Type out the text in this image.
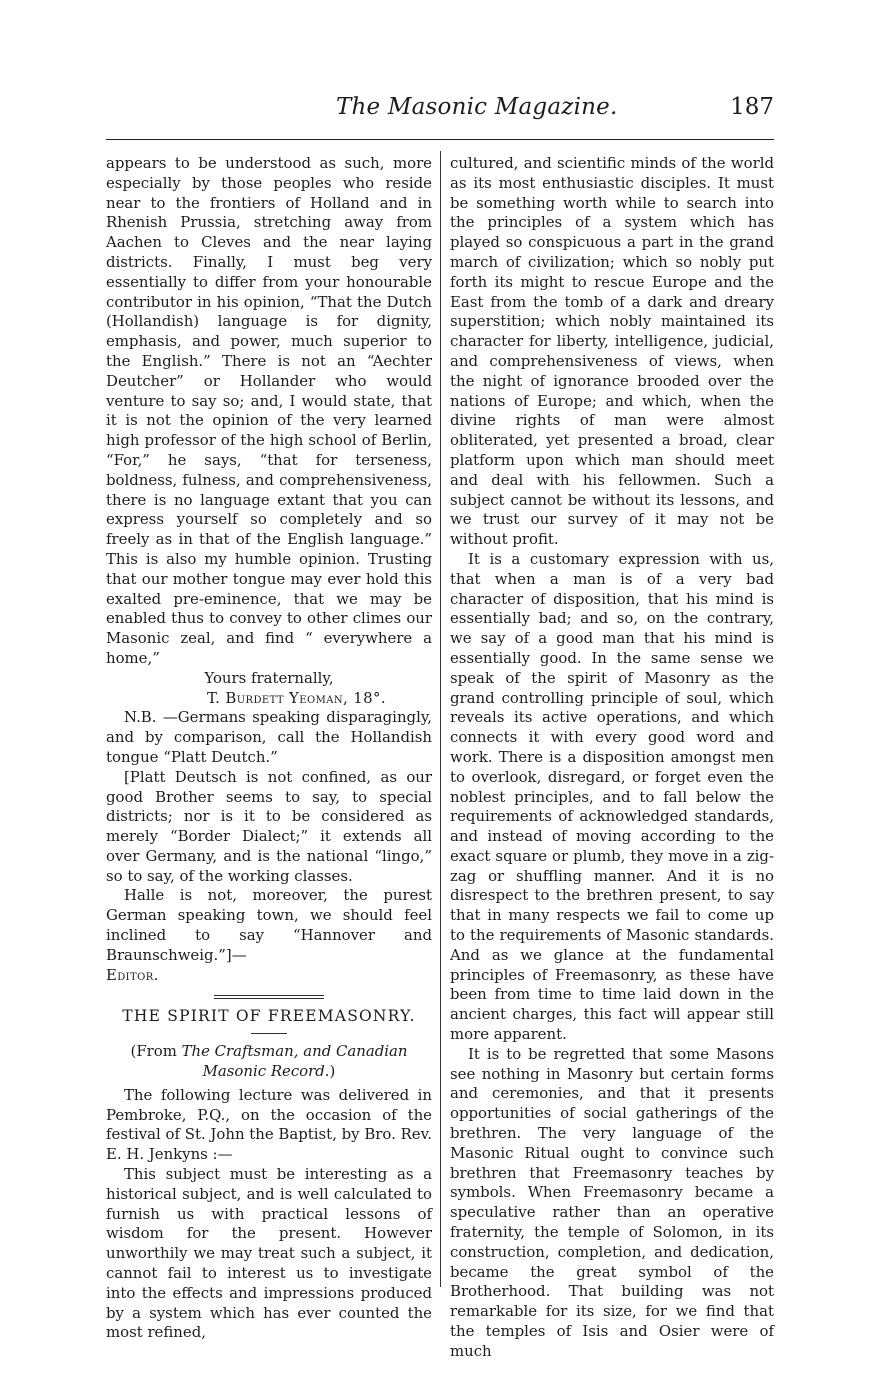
The Masonic Magazine.	187

appears to be understood as such, more especially by those peoples who reside near to the frontiers of Holland and in Rhenish Prussia, stretching away from Aachen to Cleves and the near laying districts. Finally, I must beg very essentially to differ from your honourable contributor in his opinion, “That the Dutch (Hollandish) language is for dignity, emphasis, and power, much superior to the English.” There is not an “Aechter Deutcher” or Hollander who would venture to say so; and, I would state, that it is not the opinion of the very learned high professor of the high school of Berlin, “For,” he says, “that for terseness, boldness, fulness, and comprehensiveness, there is no language extant that you can express yourself so completely and so freely as in that of the English language.” This is also my humble opinion. Trusting that our mother tongue may ever hold this exalted pre-eminence, that we may be enabled thus to convey to other climes our Masonic zeal, and find “ everywhere a home,”

Yours fraternally,

T. Burdett Yeoman, 18°.

N.B. —Germans speaking disparagingly, and by comparison, call the Hollandish tongue “Platt Deutch.”

[Platt Deutsch is not confined, as our good Brother seems to say, to special districts; nor is it to be considered as merely “Border Dialect;” it extends all over Germany, and is the national “lingo,” so to say, of the working classes.

Halle is not, moreover, the purest German speaking town, we should feel inclined to say “Hannover and Braunschweig.”]—

Editor.

THE SPIRIT OF FREEMASONRY.
(From The Craftsman, and Canadian Masonic Record.)

The following lecture was delivered in Pembroke, P.Q., on the occasion of the festival of St. John the Baptist, by Bro. Rev. E. H. Jenkyns :—

This subject must be interesting as a historical subject, and is well calculated to furnish us with practical lessons of wisdom for the present. However unworthily we may treat such a subject, it cannot fail to interest us to investigate into the effects and impressions produced by a system which has ever counted the most refined,

cultured, and scientific minds of the world as its most enthusiastic disciples. It must be something worth while to search into the principles of a system which has played so conspicuous a part in the grand march of civilization; which so nobly put forth its might to rescue Europe and the East from the tomb of a dark and dreary superstition; which nobly maintained its character for liberty, intelligence, judicial, and comprehensiveness of views, when the night of ignorance brooded over the nations of Europe; and which, when the divine rights of man were almost obliterated, yet presented a broad, clear platform upon which man should meet and deal with his fellowmen. Such a subject cannot be without its lessons, and we trust our survey of it may not be without profit.

It is a customary expression with us, that when a man is of a very bad character of disposition, that his mind is essentially bad; and so, on the contrary, we say of a good man that his mind is essentially good. In the same sense we speak of the spirit of Masonry as the grand controlling principle of soul, which reveals its active operations, and which connects it with every good word and work. There is a disposition amongst men to overlook, disregard, or forget even the noblest principles, and to fall below the requirements of acknowledged standards, and instead of moving according to the exact square or plumb, they move in a zig-zag or shuffling manner. And it is no disrespect to the brethren present, to say that in many respects we fail to come up to the requirements of Masonic standards. And as we glance at the fundamental principles of Freemasonry, as these have been from time to time laid down in the ancient charges, this fact will appear still more apparent.

It is to be regretted that some Masons see nothing in Masonry but certain forms and ceremonies, and that it presents opportunities of social gatherings of the brethren. The very language of the Masonic Ritual ought to convince such brethren that Freemasonry teaches by symbols. When Freemasonry became a speculative rather than an operative fraternity, the temple of Solomon, in its construction, completion, and dedication, became the great symbol of the Brotherhood. That building was not remarkable for its size, for we find that the temples of Isis and Osier were of much
